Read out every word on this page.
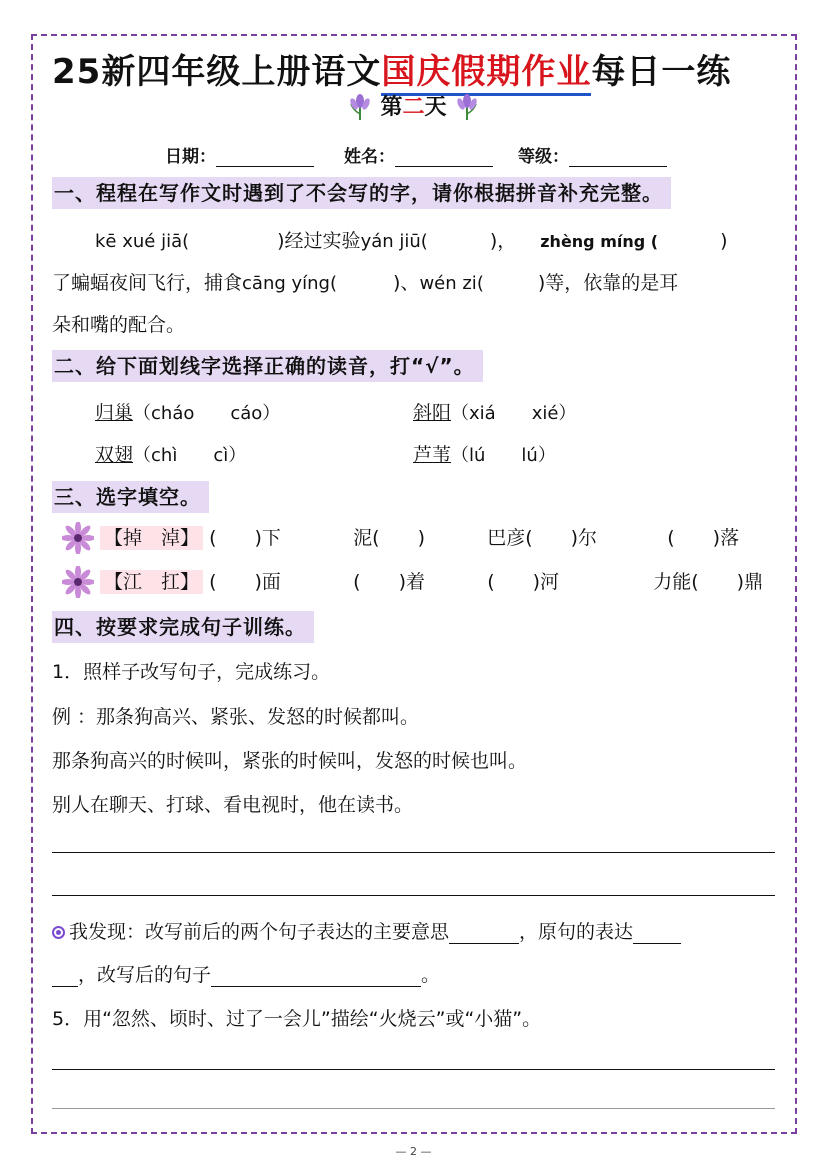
25新四年级上册语文国庆假期作业每日一练
第二天
日期：	姓名：	等级：
一、程程在写作文时遇到了不会写的字，请你根据拼音补充完整。
kē xué jiā(	)经过实验yán jiū(	)， zhèng míng (	)
了蝙蝠夜间飞行，捕食cāng yíng(	)、wén zi(	)等，依靠的是耳
朵和嘴的配合。
二、给下面划线字选择正确的读音，打“√”。
归巢（cháo　　cáo）	斜阳（xiá　　xié）
双翅（chì　　cì）	芦苇（lú　　lú）
三、选字填空。
【掉　淖】 (　　)下	泥(　　)	巴彦(　　)尔	(　　)落
【江　扛】 (　　)面	(　　)着	(　　)河	力能(　　)鼎
四、按要求完成句子训练。
1．照样子改写句子，完成练习。
例 ：那条狗高兴、紧张、发怒的时候都叫。
那条狗高兴的时候叫，紧张的时候叫，发怒的时候也叫。
别人在聊天、打球、看电视时，他在读书。
我发现：改写前后的两个句子表达的主要意思	，原句的表达
，改写后的句子	。
5．用“忽然、顷时、过了一会儿”描绘“火烧云”或“小猫”。
— 2 —
